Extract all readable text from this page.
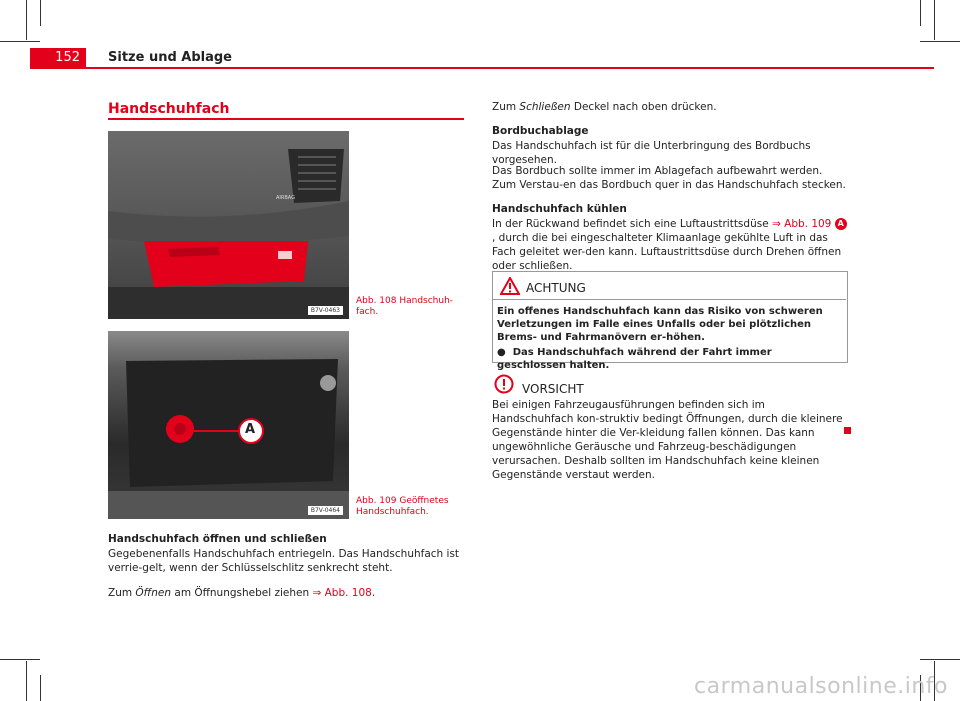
152 Sitze und Ablage
Handschuhfach
AIRBAG
B7V-0463
Abb. 108 Handschuh-fach.
A
B7V-0464
Abb. 109 Geöffnetes Handschuhfach.
Handschuhfach öffnen und schließen
Gegebenenfalls Handschuhfach entriegeln. Das Handschuhfach ist verrie-gelt, wenn der Schlüsselschlitz senkrecht steht.
Zum Öffnen am Öffnungshebel ziehen ⇒ Abb. 108.
Zum Schließen Deckel nach oben drücken.
Bordbuchablage
Das Handschuhfach ist für die Unterbringung des Bordbuchs vorgesehen.
Das Bordbuch sollte immer im Ablagefach aufbewahrt werden. Zum Verstau-en das Bordbuch quer in das Handschuhfach stecken.
Handschuhfach kühlen
In der Rückwand befindet sich eine Luftaustrittsdüse ⇒ Abb. 109 A, durch die bei eingeschalteter Klimaanlage gekühlte Luft in das Fach geleitet wer-den kann. Luftaustrittsdüse durch Drehen öffnen oder schließen.
ACHTUNG
Ein offenes Handschuhfach kann das Risiko von schweren Verletzungen im Falle eines Unfalls oder bei plötzlichen Brems- und Fahrmanövern er-höhen.
● Das Handschuhfach während der Fahrt immer geschlossen halten.
VORSICHT
Bei einigen Fahrzeugausführungen befinden sich im Handschuhfach kon-struktiv bedingt Öffnungen, durch die kleinere Gegenstände hinter die Ver-kleidung fallen können. Das kann ungewöhnliche Geräusche und Fahrzeug-beschädigungen verursachen. Deshalb sollten im Handschuhfach keine kleinen Gegenstände verstaut werden.
carmanualsonline.info
